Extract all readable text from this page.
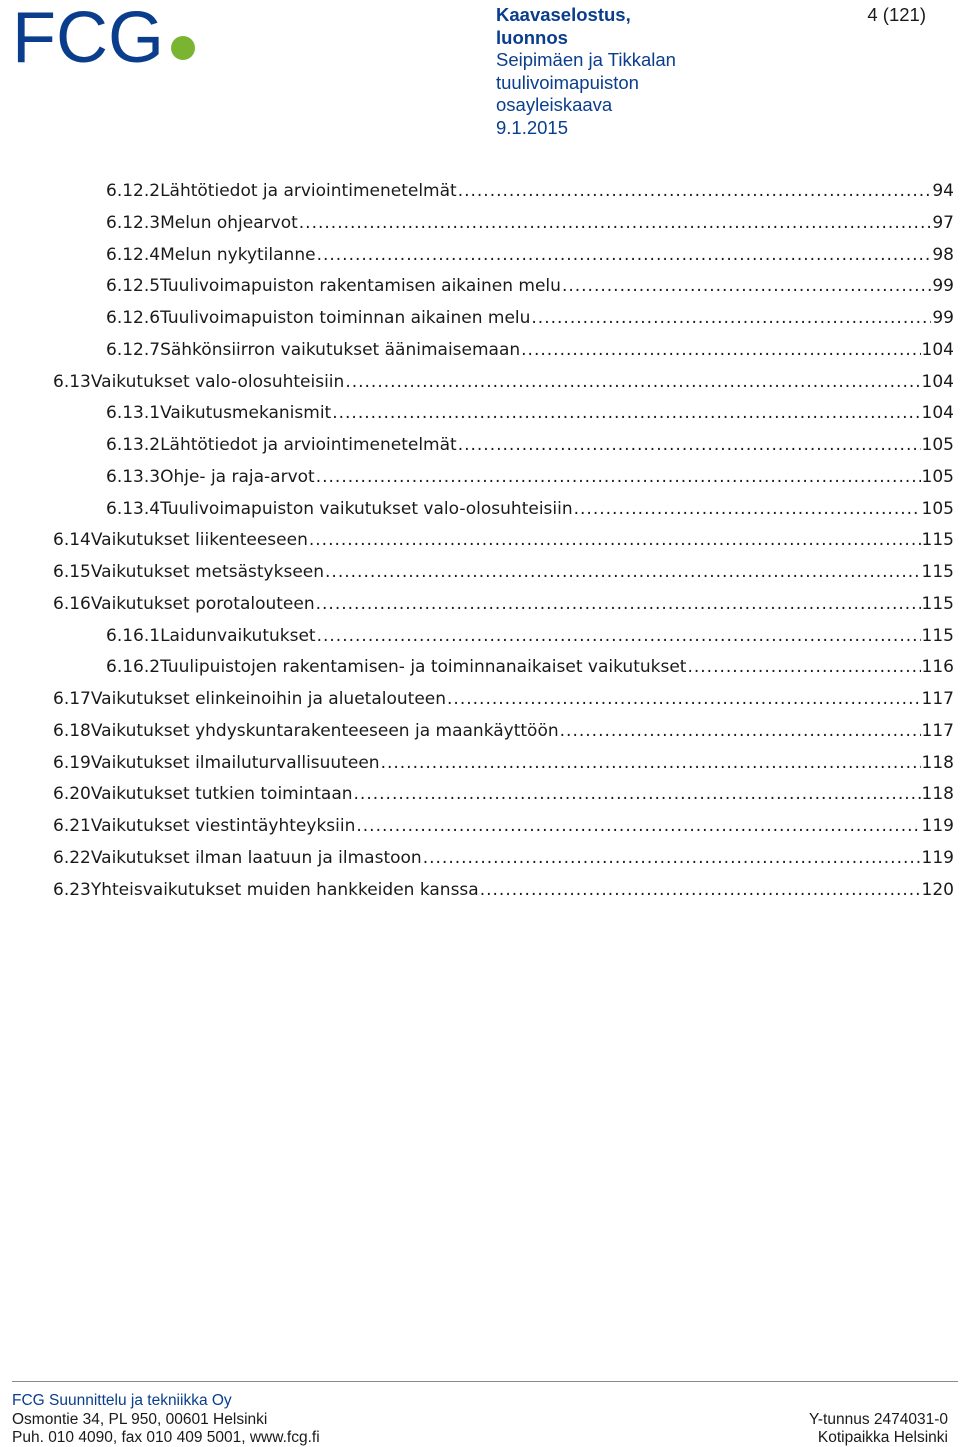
FCG	Kaavaselostus,
luonnos
Seipimäen ja Tikkalan
tuulivoimapuiston
osayleiskaava
9.1.2015
4 (121)
6.12.2 Lähtötiedot ja arviointimenetelmät .....	94
6.12.3 Melun ohjearvot .....	97
6.12.4 Melun nykytilanne .....	98
6.12.5 Tuulivoimapuiston rakentamisen aikainen melu .....	99
6.12.6 Tuulivoimapuiston toiminnan aikainen melu .....	99
6.12.7 Sähkönsiirron vaikutukset äänimaisemaan .....	104
6.13 Vaikutukset valo-olosuhteisiin .....	104
6.13.1 Vaikutusmekanismit .....	104
6.13.2 Lähtötiedot ja arviointimenetelmät .....	105
6.13.3 Ohje- ja raja-arvot .....	105
6.13.4 Tuulivoimapuiston vaikutukset valo-olosuhteisiin .....	105
6.14 Vaikutukset liikenteeseen .....	115
6.15 Vaikutukset metsästykseen .....	115
6.16 Vaikutukset porotalouteen .....	115
6.16.1 Laidunvaikutukset .....	115
6.16.2 Tuulipuistojen rakentamisen- ja toiminnanaikaiset vaikutukset .....	116
6.17 Vaikutukset elinkeinoihin ja aluetalouteen .....	117
6.18 Vaikutukset yhdyskuntarakenteeseen ja maankäyttöön .....	117
6.19 Vaikutukset ilmailuturvallisuuteen .....	118
6.20 Vaikutukset tutkien toimintaan .....	118
6.21 Vaikutukset viestintäyhteyksiin .....	119
6.22 Vaikutukset ilman laatuun ja ilmastoon .....	119
6.23 Yhteisvaikutukset muiden hankkeiden kanssa .....	120
FCG Suunnittelu ja tekniikka Oy
Osmontie 34, PL 950, 00601 Helsinki	Y-tunnus 2474031-0
Puh. 010 4090, fax 010 409 5001, www.fcg.fi	Kotipaikka Helsinki
